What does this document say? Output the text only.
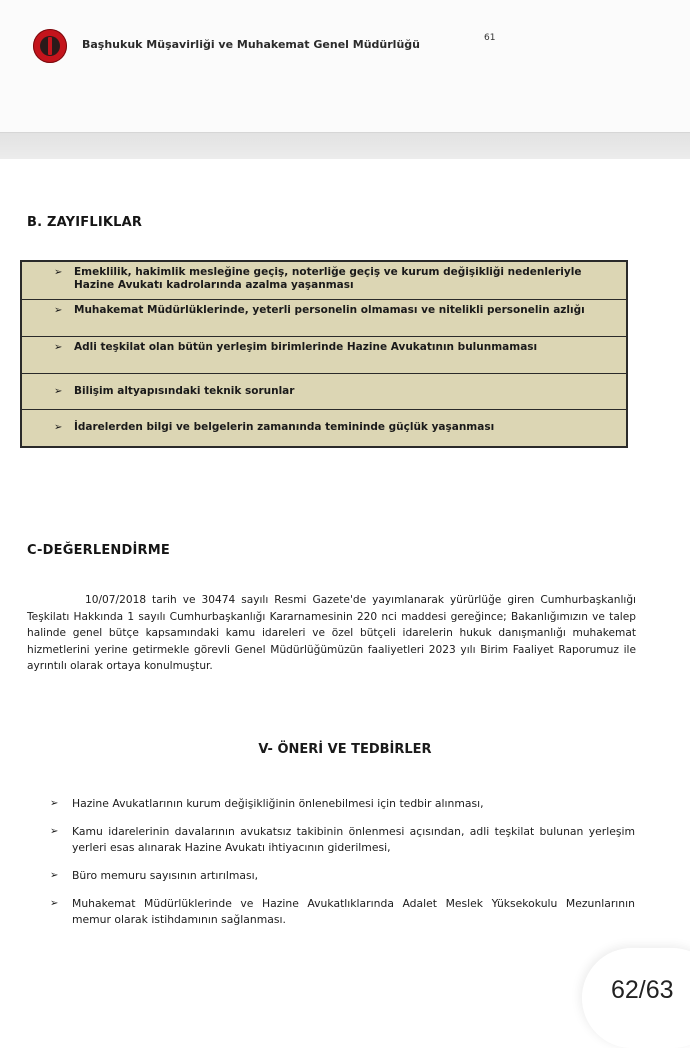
Başhukuk Müşavirliği ve Muhakemat Genel Müdürlüğü	61
B. ZAYIFLIKLAR
➢ Emeklilik, hakimlik mesleğine geçiş, noterliğe geçiş ve kurum değişikliği nedenleriyle Hazine Avukatı kadrolarında azalma yaşanması
➢ Muhakemat Müdürlüklerinde, yeterli personelin olmaması ve nitelikli personelin azlığı
➢ Adli teşkilat olan bütün yerleşim birimlerinde Hazine Avukatının bulunmaması
➢ Bilişim altyapısındaki teknik sorunlar
➢ İdarelerden bilgi ve belgelerin zamanında temininde güçlük yaşanması
C-DEĞERLENDİRME
10/07/2018 tarih ve 30474 sayılı Resmi Gazete'de yayımlanarak yürürlüğe giren Cumhurbaşkanlığı Teşkilatı Hakkında 1 sayılı Cumhurbaşkanlığı Kararnamesinin 220 nci maddesi gereğince; Bakanlığımızın ve talep halinde genel bütçe kapsamındaki kamu idareleri ve özel bütçeli idarelerin hukuk danışmanlığı muhakemat hizmetlerini yerine getirmekle görevli Genel Müdürlüğümüzün faaliyetleri 2023 yılı Birim Faaliyet Raporumuz ile ayrıntılı olarak ortaya konulmuştur.
V- ÖNERİ VE TEDBİRLER
➢ Hazine Avukatlarının kurum değişikliğinin önlenebilmesi için tedbir alınması,
➢ Kamu idarelerinin davalarının avukatsız takibinin önlenmesi açısından, adli teşkilat bulunan yerleşim yerleri esas alınarak Hazine Avukatı ihtiyacının giderilmesi,
➢ Büro memuru sayısının artırılması,
➢ Muhakemat Müdürlüklerinde ve Hazine Avukatlıklarında Adalet Meslek Yüksekokulu Mezunlarının memur olarak istihdamının sağlanması.
62/63
